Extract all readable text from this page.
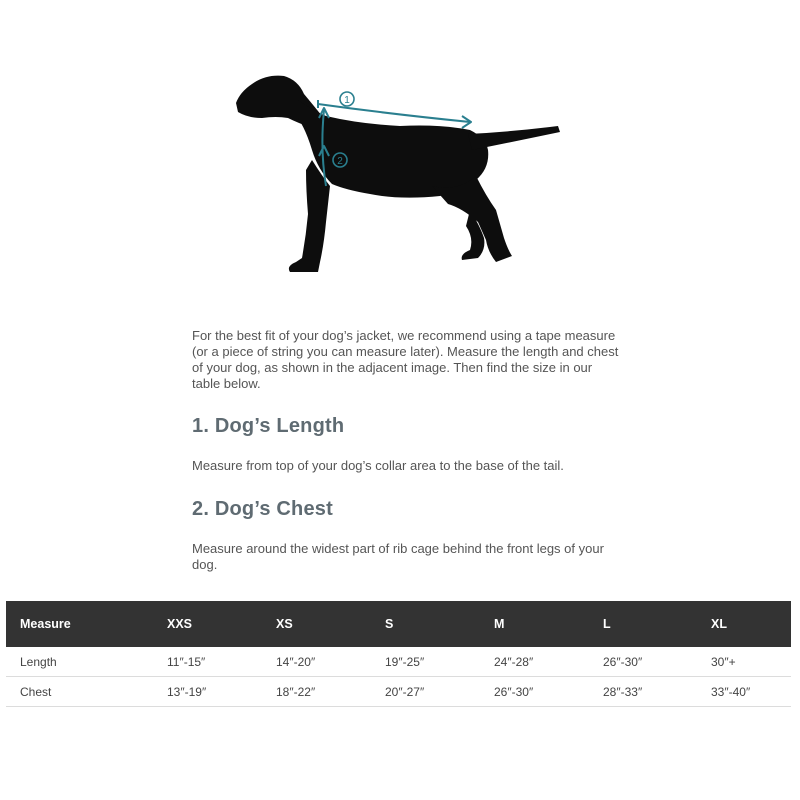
1
2

For the best fit of your dog’s jacket, we recommend using a tape measure (or a piece of string you can measure later). Measure the length and chest of your dog, as shown in the adjacent image. Then find the size in our table below.

1. Dog’s Length

Measure from top of your dog’s collar area to the base of the tail.

2. Dog’s Chest

Measure around the widest part of rib cage behind the front legs of your dog.

Measure	XXS	XS	S	M	L	XL
Length	11″-15″	14″-20″	19″-25″	24″-28″	26″-30″	30″+
Chest	13″-19″	18″-22″	20″-27″	26″-30″	28″-33″	33″-40″
